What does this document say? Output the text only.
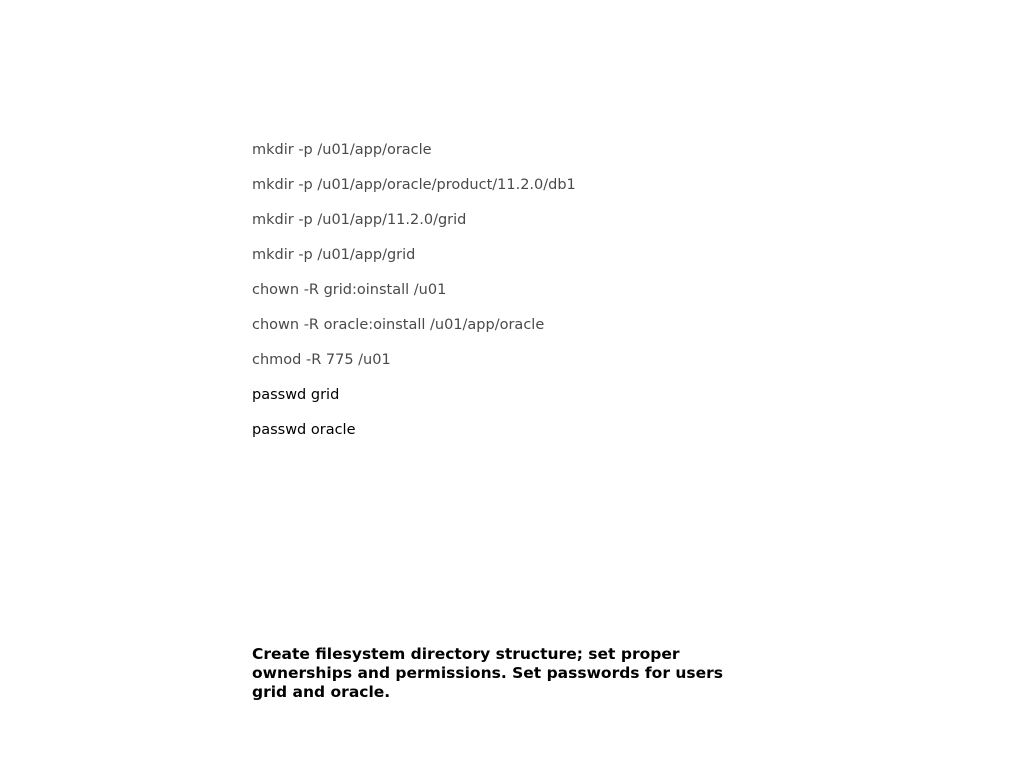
mkdir -p /u01/app/oracle
mkdir -p /u01/app/oracle/product/11.2.0/db1
mkdir -p /u01/app/11.2.0/grid
mkdir -p /u01/app/grid
chown -R grid:oinstall /u01
chown -R oracle:oinstall /u01/app/oracle
chmod -R 775 /u01
passwd grid
passwd oracle
Create filesystem directory structure; set proper ownerships and permissions. Set passwords for users grid and oracle.
